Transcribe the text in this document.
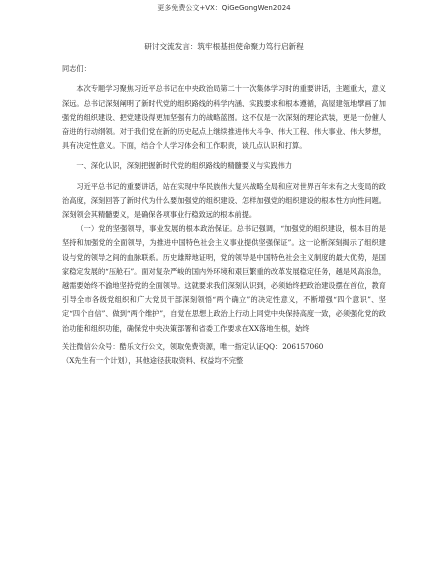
更多免费公文+VX：QiGeGongWen2024

研讨交流发言：筑牢根基担使命聚力笃行启新程

同志们：

本次专题学习聚焦习近平总书记在中央政治局第二十一次集体学习时的重要讲话，主题重大，意义深远。总书记深刻阐明了新时代党的组织路线的科学内涵、实践要求和根本遵循，高屋建瓴地擘画了加强党的组织建设、把党建设得更加坚强有力的战略蓝图。这不仅是一次深刻的理论武装，更是一份催人奋进的行动纲领。对于我们党在新的历史起点上继续推进伟大斗争、伟大工程、伟大事业、伟大梦想，具有决定性意义。下面，结合个人学习体会和工作职责，谈几点认识和打算。

一、深化认识，深刻把握新时代党的组织路线的精髓要义与实践伟力

习近平总书记的重要讲话，站在实现中华民族伟大复兴战略全局和应对世界百年未有之大变局的政治高度，深刻回答了新时代为什么要加强党的组织建设、怎样加强党的组织建设的根本性方向性问题。深刻领会其精髓要义，是确保各项事业行稳致远的根本前提。

（一）党的坚强领导，事业发展的根本政治保证。总书记强调，“加强党的组织建设，根本目的是坚持和加强党的全面领导，为推进中国特色社会主义事业提供坚强保证”。这一论断深刻揭示了组织建设与党的领导之间的血脉联系。历史雄辩地证明，党的领导是中国特色社会主义制度的最大优势，是国家稳定发展的“压舱石”。面对复杂严峻的国内外环境和艰巨繁重的改革发展稳定任务，越是风高浪急，越需要始终不渝地坚持党的全面领导。这就要求我们深刻认识到，必须始终把政治建设摆在首位，教育引导全市各级党组织和广大党员干部深刻领悟“两个确立”的决定性意义，不断增强“四个意识”、坚定“四个自信”、做到“两个维护”，自觉在思想上政治上行动上同党中央保持高度一致，必须强化党的政治功能和组织功能，确保党中央决策部署和省委工作要求在XX落地生根，始终

关注微信公众号：酷乐文行公文，领取免费资源，唯一指定认证QQ：206157060

（X先生有一个计划），其他途径获取资料、权益均不完整
